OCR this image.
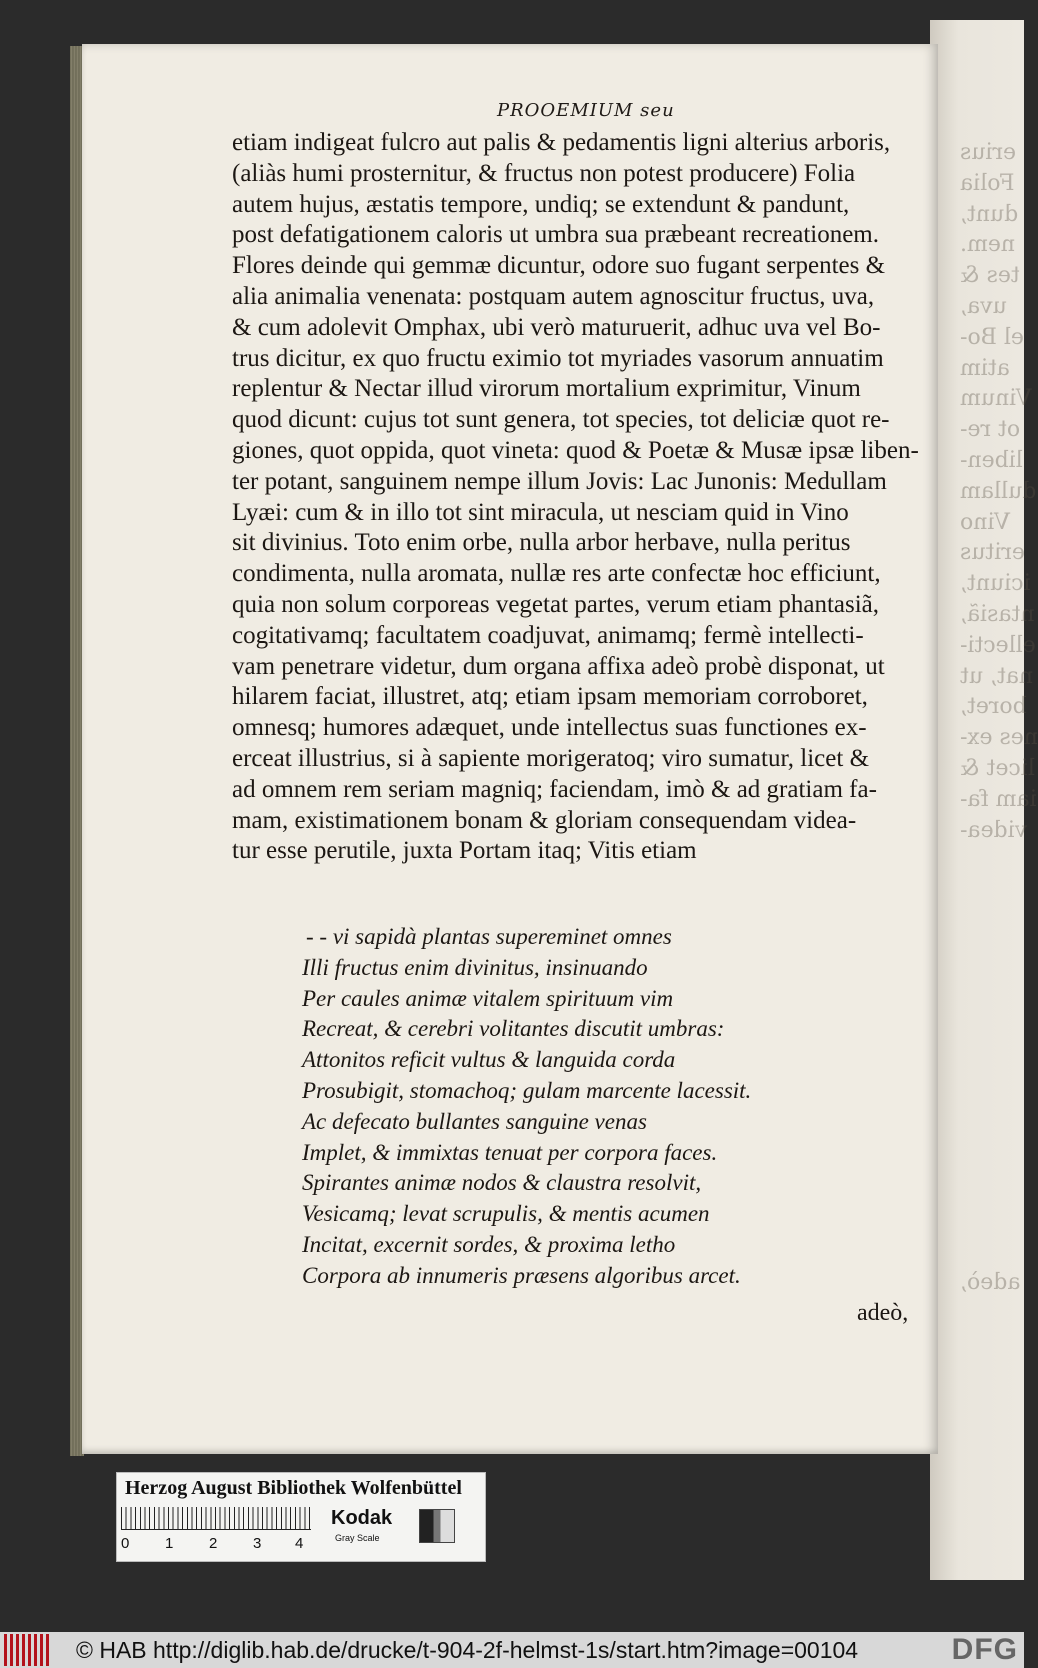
erius
Folia
dunt,
nem.
tes &
uva,
el Bo-
atim
Vinum
ot re-
liben-
dullam
Vino
eritus
iciunt,
ntasiã,
ellecti-
nat, ut
boret,
nes ex-
licet &
iam fa-
videa-
adeò,
PROOEMIUM seu
etiam indigeat fulcro aut palis & pedamentis ligni alterius arboris,
(aliàs humi prosternitur, & fructus non potest producere) Folia
autem hujus, æstatis tempore, undiq; se extendunt & pandunt,
post defatigationem caloris ut umbra sua præbeant recreationem.
Flores deinde qui gemmæ dicuntur, odore suo fugant serpentes &
alia animalia venenata: postquam autem agnoscitur fructus, uva,
& cum adolevit Omphax, ubi verò maturuerit, adhuc uva vel Bo-
trus dicitur, ex quo fructu eximio tot myriades vasorum annuatim
replentur & Nectar illud virorum mortalium exprimitur, Vinum
quod dicunt: cujus tot sunt genera, tot species, tot deliciæ quot re-
giones, quot oppida, quot vineta: quod & Poetæ & Musæ ipsæ liben-
ter potant, sanguinem nempe illum Jovis: Lac Junonis: Medullam
Lyæi: cum & in illo tot sint miracula, ut nesciam quid in Vino
sit divinius. Toto enim orbe, nulla arbor herbave, nulla peritus
condimenta, nulla aromata, nullæ res arte confectæ hoc efficiunt,
quia non solum corporeas vegetat partes, verum etiam phantasiã,
cogitativamq; facultatem coadjuvat, animamq; fermè intellecti-
vam penetrare videtur, dum organa affixa adeò probè disponat, ut
hilarem faciat, illustret, atq; etiam ipsam memoriam corroboret,
omnesq; humores adæquet, unde intellectus suas functiones ex-
erceat illustrius, si à sapiente morigeratoq; viro sumatur, licet &
ad omnem rem seriam magniq; faciendam, imò & ad gratiam fa-
mam, existimationem bonam & gloriam consequendam videa-
tur esse perutile, juxta Portam itaq; Vitis etiam
- - vi sapidà plantas supereminet omnes
Illi fructus enim divinitus, insinuando
Per caules animæ vitalem spirituum vim
Recreat, & cerebri volitantes discutit umbras:
Attonitos reficit vultus & languida corda
Prosubigit, stomachoq; gulam marcente lacessit.
Ac defecato bullantes sanguine venas
Implet, & immixtas tenuat per corpora faces.
Spirantes animæ nodos & claustra resolvit,
Vesicamq; levat scrupulis, & mentis acumen
Incitat, excernit sordes, & proxima letho
Corpora ab innumeris præsens algoribus arcet.
adeò,
Herzog August Bibliothek Wolfenbüttel
0 1 2 3 4
Kodak
Gray Scale
© HAB http://diglib.hab.de/drucke/t-904-2f-helmst-1s/start.htm?image=00104	DFG
